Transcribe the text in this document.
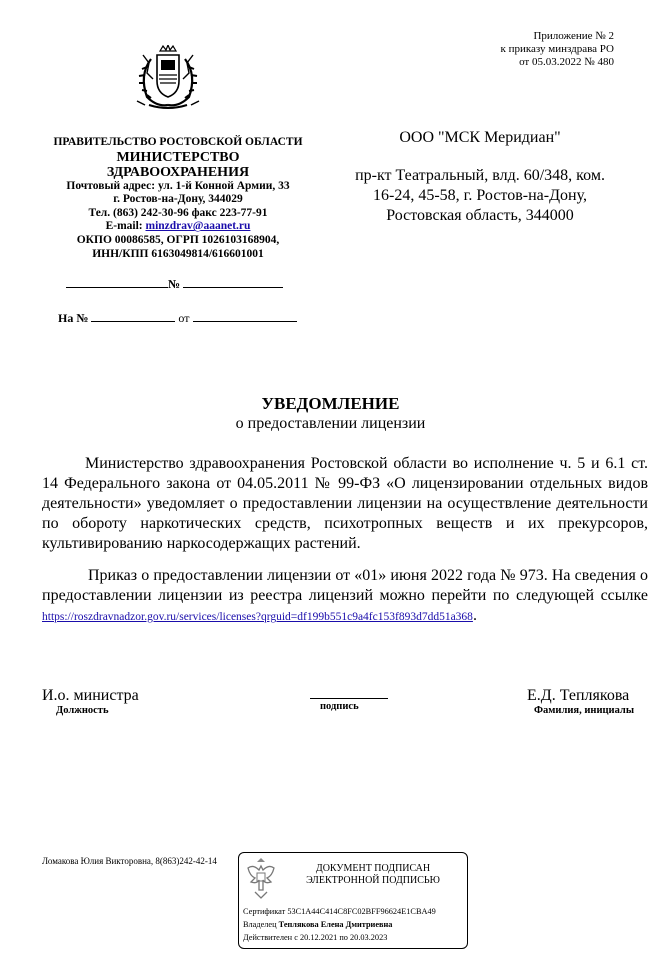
Приложение № 2
к приказу минздрава РО
от 05.03.2022 № 480
ПРАВИТЕЛЬСТВО РОСТОВСКОЙ ОБЛАСТИ
МИНИСТЕРСТВО
ЗДРАВООХРАНЕНИЯ
Почтовый адрес: ул. 1-й Конной Армии, 33
г. Ростов-на-Дону, 344029
Тел. (863) 242-30-96 факс 223-77-91
E-mail: minzdrav@aaanet.ru
ОКПО 00086585, ОГРП 1026103168904,
ИНН/КПП 6163049814/616601001
№
На №	от
ООО "МСК Меридиан"
пр-кт Театральный, влд. 60/348, ком.
16-24, 45-58, г. Ростов-на-Дону,
Ростовская область, 344000
УВЕДОМЛЕНИЕ
о предоставлении лицензии
Министерство здравоохранения Ростовской области во исполнение ч. 5 и 6.1 ст. 14 Федерального закона от 04.05.2011 № 99-ФЗ «О лицензировании отдельных видов деятельности» уведомляет о предоставлении лицензии на осуществление деятельности по обороту наркотических средств, психотропных веществ и их прекурсоров, культивированию наркосодержащих растений.
Приказ о предоставлении лицензии от «01» июня 2022 года № 973. На сведения о предоставлении лицензии из реестра лицензий можно перейти по следующей ссылке https://roszdravnadzor.gov.ru/services/licenses?qrguid=df199b551c9a4fc153f893d7dd51a368.
И.о. министра
Должность	подпись
Е.Д. Теплякова
Фамилия, инициалы
Ломакова Юлия Викторовна, 8(863)242-42-14
ДОКУМЕНТ ПОДПИСАН
ЭЛЕКТРОННОЙ ПОДПИСЬЮ
Сертификат 53C1A44C414C8FC02BFF96624E1CBA49
Владелец Теплякова Елена Дмитриевна
Действителен с 20.12.2021 по 20.03.2023
